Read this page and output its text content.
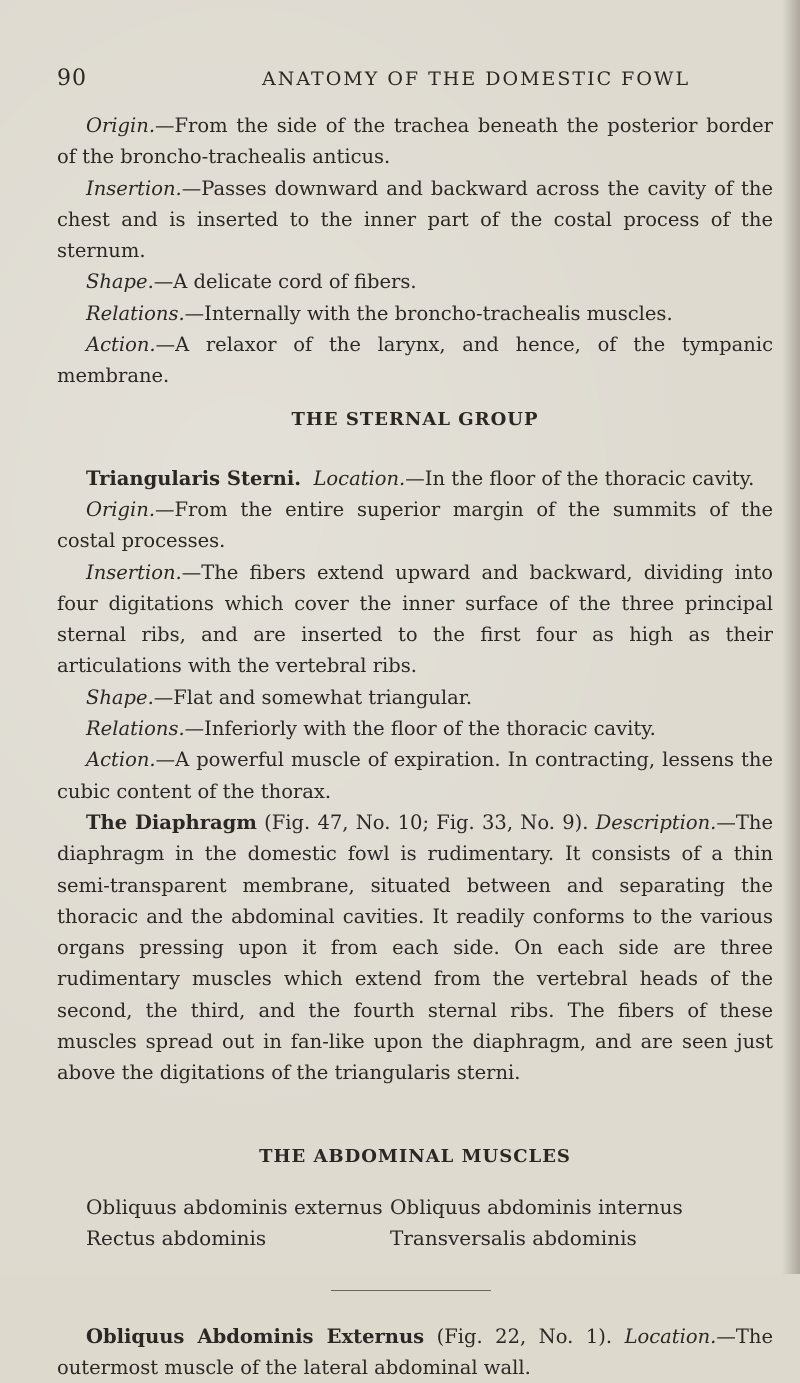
90	ANATOMY OF THE DOMESTIC FOWL

Origin.—From the side of the trachea beneath the posterior border of the broncho-trachealis anticus.

Insertion.—Passes downward and backward across the cavity of the chest and is inserted to the inner part of the costal process of the sternum.

Shape.—A delicate cord of fibers.

Relations.—Internally with the broncho-trachealis muscles.

Action.—A relaxor of the larynx, and hence, of the tympanic membrane.

THE STERNAL GROUP

Triangularis Sterni. Location.—In the floor of the thoracic cavity.

Origin.—From the entire superior margin of the summits of the costal processes.

Insertion.—The fibers extend upward and backward, dividing into four digitations which cover the inner surface of the three principal sternal ribs, and are inserted to the first four as high as their articulations with the vertebral ribs.

Shape.—Flat and somewhat triangular.

Relations.—Inferiorly with the floor of the thoracic cavity.

Action.—A powerful muscle of expiration. In contracting, lessens the cubic content of the thorax.

The Diaphragm (Fig. 47, No. 10; Fig. 33, No. 9). Description.—The diaphragm in the domestic fowl is rudimentary. It consists of a thin semi-transparent membrane, situated between and separating the thoracic and the abdominal cavities. It readily conforms to the various organs pressing upon it from each side. On each side are three rudimentary muscles which extend from the vertebral heads of the second, the third, and the fourth sternal ribs. The fibers of these muscles spread out in fan-like upon the diaphragm, and are seen just above the digitations of the triangularis sterni.

THE ABDOMINAL MUSCLES
Obliquus abdominis externus Obliquus abdominis internus
Rectus abdominis	Transversalis abdominis

Obliquus Abdominis Externus (Fig. 22, No. 1). Location.—The outermost muscle of the lateral abdominal wall.
